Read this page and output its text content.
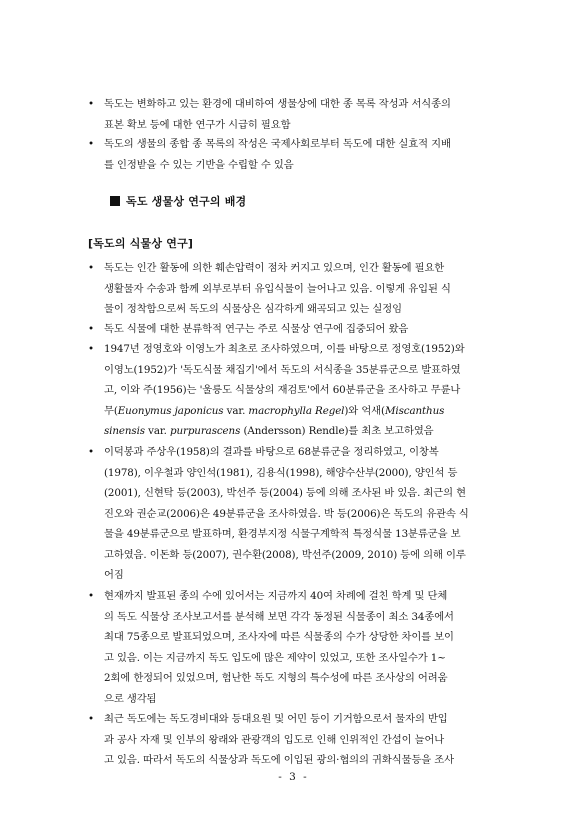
• 독도는 변화하고 있는 환경에 대비하여 생물상에 대한 종 목록 작성과 서식종의

표본 확보 등에 대한 연구가 시급히 필요함

• 독도의 생물의 종합 종 목록의 작성은 국제사회로부터 독도에 대한 실효적 지배

를 인정받을 수 있는 기반을 수립할 수 있음

독도 생물상 연구의 배경
[독도의 식물상 연구]
• 독도는 인간 활동에 의한 훼손압력이 점차 커지고 있으며, 인간 활동에 필요한

생활물자 수송과 함께 외부로부터 유입식물이 늘어나고 있음. 이렇게 유입된 식

물이 정착함으로써 독도의 식물상은 심각하게 왜곡되고 있는 실정임

• 독도 식물에 대한 분류학적 연구는 주로 식물상 연구에 집중되어 왔음

• 1947년 정영호와 이영노가 최초로 조사하였으며, 이를 바탕으로 정영호(1952)와

이영노(1952)가 '독도식물 채집기'에서 독도의 서식종을 35분류군으로 발표하였

고, 이와 주(1956)는 '울릉도 식물상의 재검토'에서 60분류군을 조사하고 무륜나

무(Euonymus japonicus var. macrophylla Regel)와 억새(Miscanthus

sinensis var. purpurascens (Andersson) Rendle)를 최초 보고하였음

• 이덕봉과 주상우(1958)의 결과를 바탕으로 68분류군을 정리하였고, 이창복

(1978), 이우철과 양인석(1981), 김용식(1998), 해양수산부(2000), 양인석 등

(2001), 신현탁 등(2003), 박선주 등(2004) 등에 의해 조사된 바 있음. 최근의 현

진오와 권순교(2006)은 49분류군을 조사하였음. 박 등(2006)은 독도의 유관속 식

물을 49분류군으로 발표하며, 환경부지정 식물구계학적 특정식물 13분류군을 보

고하였음. 이돈화 등(2007), 권수환(2008), 박선주(2009, 2010) 등에 의해 이루

어짐

• 현재까지 발표된 종의 수에 있어서는 지금까지 40여 차례에 걸친 학계 및 단체

의 독도 식물상 조사보고서를 분석해 보면 각각 동정된 식물종이 최소 34종에서

최대 75종으로 발표되었으며, 조사자에 따른 식물종의 수가 상당한 차이를 보이

고 있음. 이는 지금까지 독도 입도에 많은 제약이 있었고, 또한 조사일수가 1~

2회에 한정되어 있었으며, 험난한 독도 지형의 특수성에 따른 조사상의 어려움

으로 생각됨

• 최근 독도에는 독도경비대와 등대요원 및 어민 등이 기거함으로서 물자의 반입

과 공사 자재 및 인부의 왕래와 관광객의 입도로 인해 인위적인 간섭이 늘어나

고 있음. 따라서 독도의 식물상과 독도에 이입된 광의·협의의 귀화식물등을 조사

- 3 -
